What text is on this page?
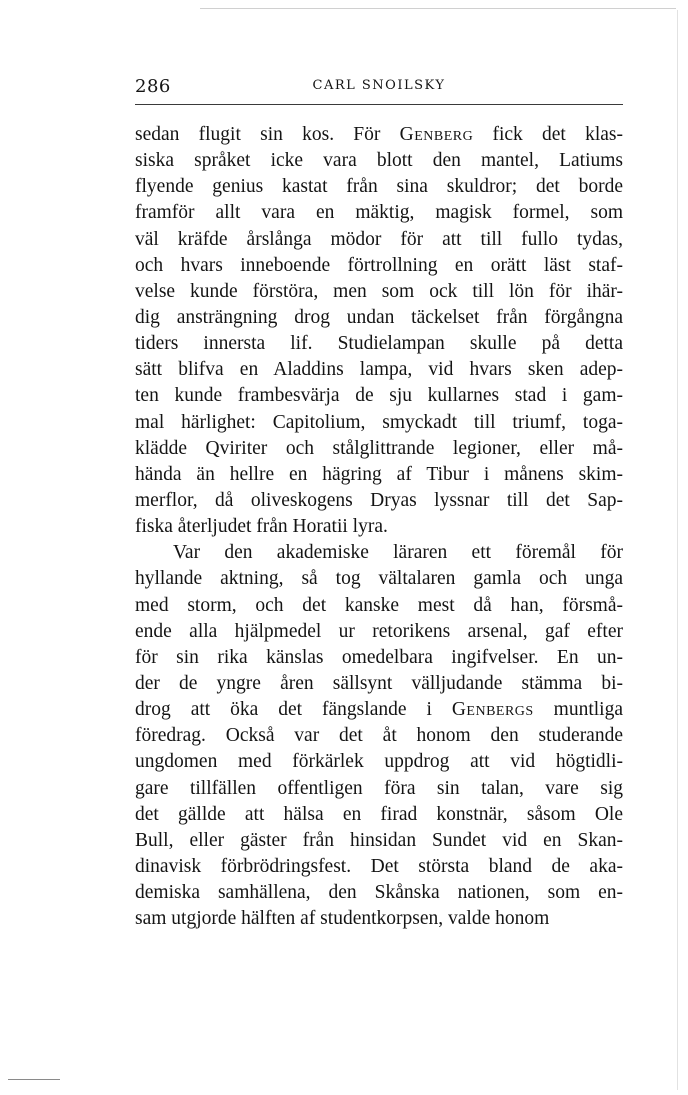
286	CARL SNOILSKY
sedan flugit sin kos. För Genberg fick det klas-
siska språket icke vara blott den mantel, Latiums
flyende genius kastat från sina skuldror; det borde
framför allt vara en mäktig, magisk formel, som
väl kräfde årslånga mödor för att till fullo tydas,
och hvars inneboende förtrollning en orätt läst staf-
velse kunde förstöra, men som ock till lön för ihär-
dig ansträngning drog undan täckelset från förgångna
tiders innersta lif. Studielampan skulle på detta
sätt blifva en Aladdins lampa, vid hvars sken adep-
ten kunde frambesvärja de sju kullarnes stad i gam-
mal härlighet: Capitolium, smyckadt till triumf, toga-
klädde Qviriter och stålglittrande legioner, eller må-
hända än hellre en hägring af Tibur i månens skim-
merflor, då oliveskogens Dryas lyssnar till det Sap-
fiska återljudet från Horatii lyra.
Var den akademiske läraren ett föremål för
hyllande aktning, så tog vältalaren gamla och unga
med storm, och det kanske mest då han, försmå-
ende alla hjälpmedel ur retorikens arsenal, gaf efter
för sin rika känslas omedelbara ingifvelser. En un-
der de yngre åren sällsynt välljudande stämma bi-
drog att öka det fängslande i Genbergs muntliga
föredrag. Också var det åt honom den studerande
ungdomen med förkärlek uppdrog att vid högtidli-
gare tillfällen offentligen föra sin talan, vare sig
det gällde att hälsa en firad konstnär, såsom Ole
Bull, eller gäster från hinsidan Sundet vid en Skan-
dinavisk förbrödringsfest. Det största bland de aka-
demiska samhällena, den Skånska nationen, som en-
sam utgjorde hälften af studentkorpsen, valde honom
